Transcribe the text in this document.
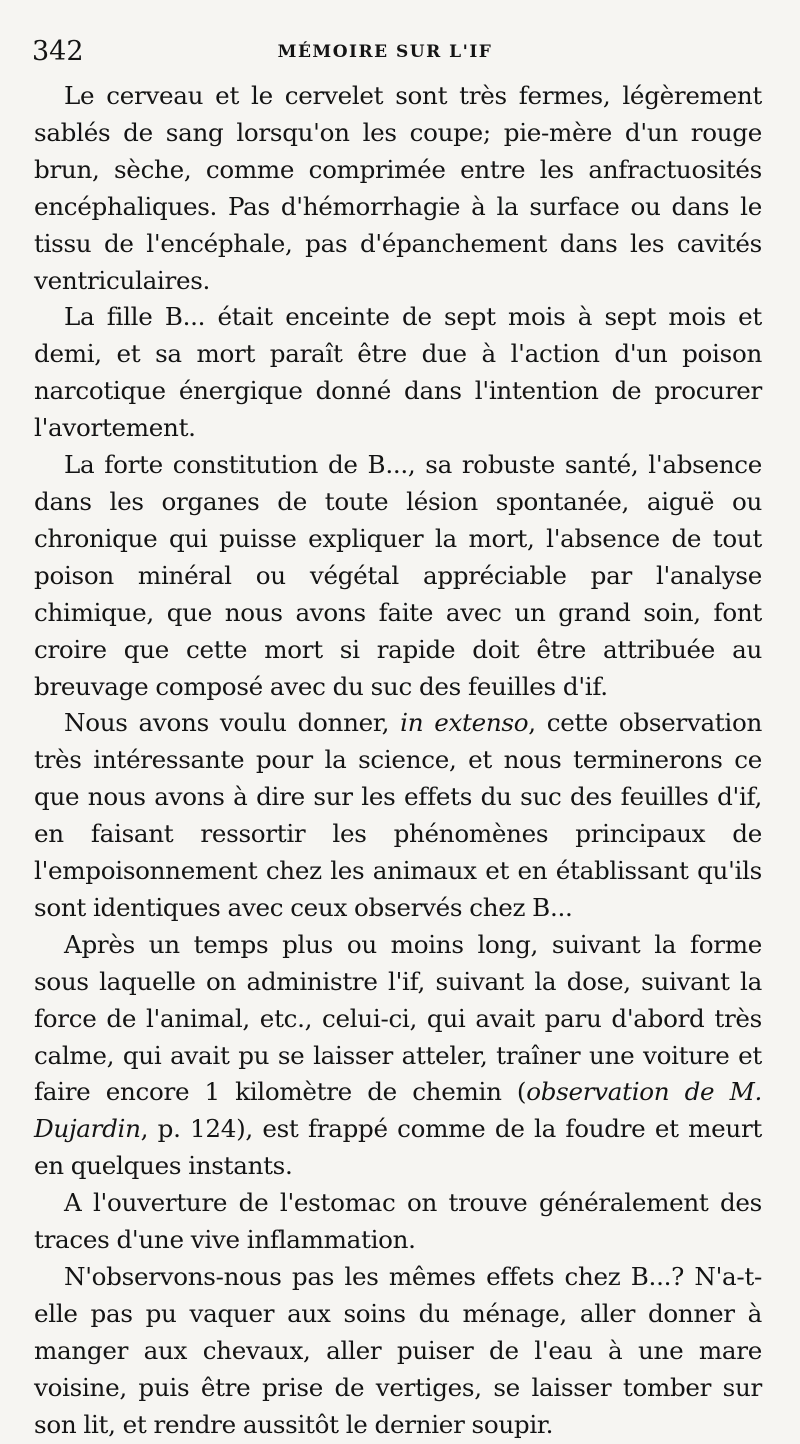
342	MÉMOIRE SUR L'IF

Le cerveau et le cervelet sont très fermes, légèrement sablés de sang lorsqu'on les coupe; pie-mère d'un rouge brun, sèche, comme comprimée entre les anfractuosités encéphaliques. Pas d'hémorrhagie à la surface ou dans le tissu de l'encéphale, pas d'épanchement dans les cavités ventriculaires.

La fille B... était enceinte de sept mois à sept mois et demi, et sa mort paraît être due à l'action d'un poison narcotique énergique donné dans l'intention de procurer l'avortement.

La forte constitution de B..., sa robuste santé, l'absence dans les organes de toute lésion spontanée, aiguë ou chronique qui puisse expliquer la mort, l'absence de tout poison minéral ou végétal appréciable par l'analyse chimique, que nous avons faite avec un grand soin, font croire que cette mort si rapide doit être attribuée au breuvage composé avec du suc des feuilles d'if.

Nous avons voulu donner, in extenso, cette observation très intéressante pour la science, et nous terminerons ce que nous avons à dire sur les effets du suc des feuilles d'if, en faisant ressortir les phénomènes principaux de l'empoisonnement chez les animaux et en établissant qu'ils sont identiques avec ceux observés chez B...

Après un temps plus ou moins long, suivant la forme sous laquelle on administre l'if, suivant la dose, suivant la force de l'animal, etc., celui-ci, qui avait paru d'abord très calme, qui avait pu se laisser atteler, traîner une voiture et faire encore 1 kilomètre de chemin (observation de M. Dujardin, p. 124), est frappé comme de la foudre et meurt en quelques instants.

A l'ouverture de l'estomac on trouve généralement des traces d'une vive inflammation.

N'observons-nous pas les mêmes effets chez B...? N'a-t-elle pas pu vaquer aux soins du ménage, aller donner à manger aux chevaux, aller puiser de l'eau à une mare voisine, puis être prise de vertiges, se laisser tomber sur son lit, et rendre aussitôt le dernier soupir.
